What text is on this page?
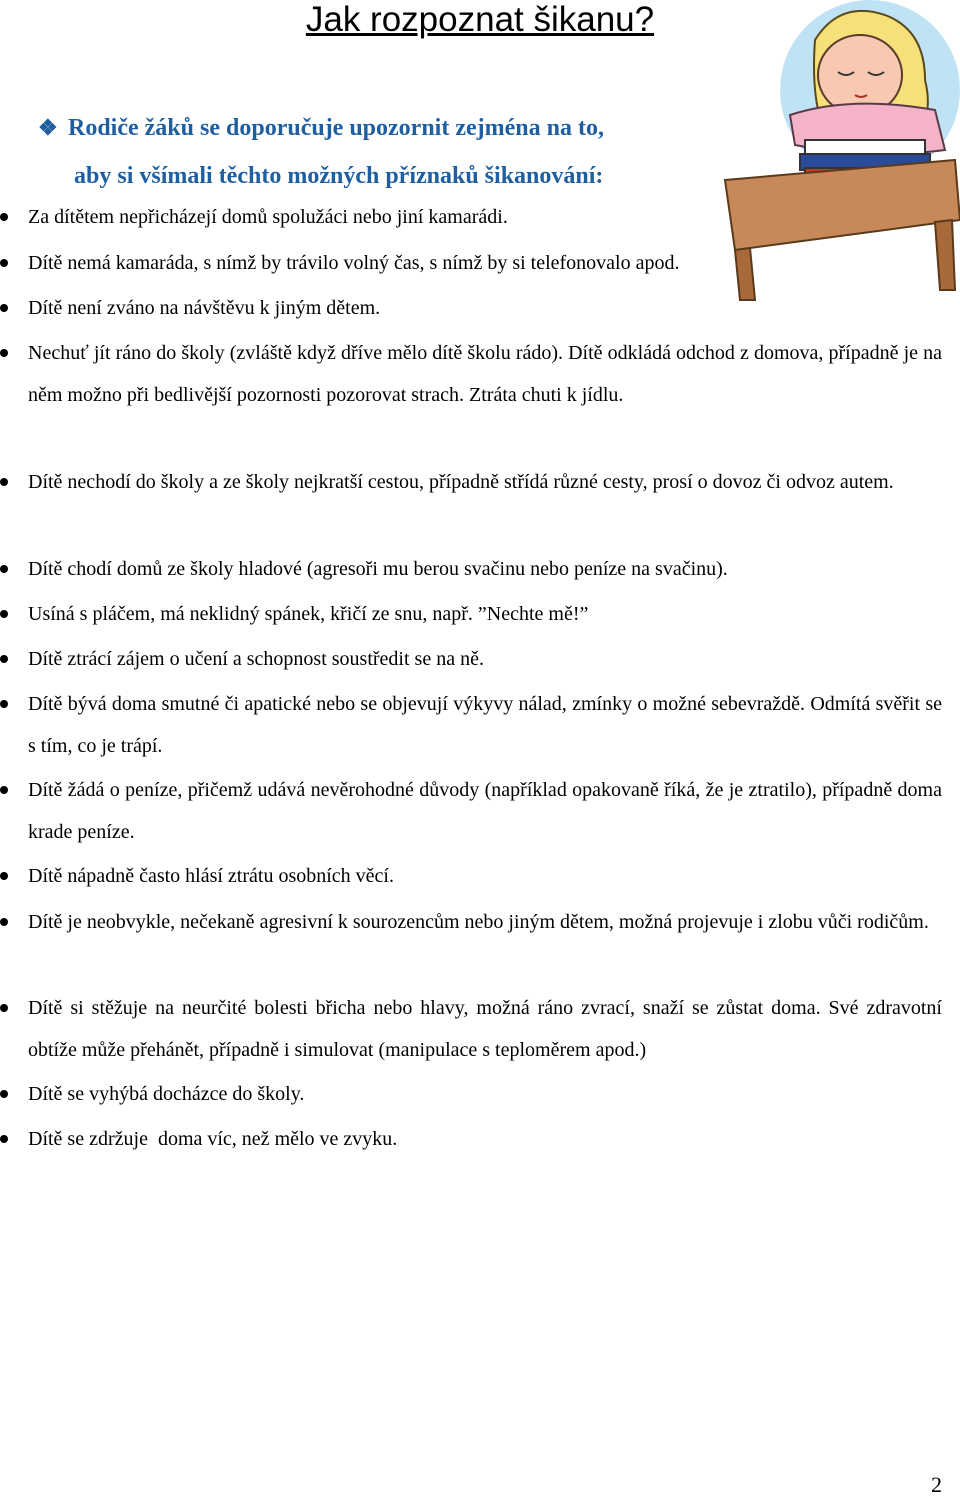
Jak rozpoznat šikanu?
❖ Rodiče žáků se doporučuje upozornit zejména na to,
aby si všímali těchto možných příznaků šikanování:
Za dítětem nepřicházejí domů spolužáci nebo jiní kamarádi.
Dítě nemá kamaráda, s nímž by trávilo volný čas, s nímž by si telefonovalo apod.
Dítě není zváno na návštěvu k jiným dětem.
Nechuť jít ráno do školy (zvláště když dříve mělo dítě školu rádo). Dítě odkládá odchod z domova, případně je na něm možno při bedlivější pozornosti pozorovat strach. Ztráta chuti k jídlu.
Dítě nechodí do školy a ze školy nejkratší cestou, případně střídá různé cesty, prosí o dovoz či odvoz autem.
Dítě chodí domů ze školy hladové (agresoři mu berou svačinu nebo peníze na svačinu).
Usíná s pláčem, má neklidný spánek, křičí ze snu, např. ”Nechte mě!”
Dítě ztrácí zájem o učení a schopnost soustředit se na ně.
Dítě bývá doma smutné či apatické nebo se objevují výkyvy nálad, zmínky o možné sebevraždě. Odmítá svěřit se s tím, co je trápí.
Dítě žádá o peníze, přičemž udává nevěrohodné důvody (například opakovaně říká, že je ztratilo), případně doma krade peníze.
Dítě nápadně často hlásí ztrátu osobních věcí.
Dítě je neobvykle, nečekaně agresivní k sourozencům nebo jiným dětem, možná projevuje i zlobu vůči rodičům.
Dítě si stěžuje na neurčité bolesti břicha nebo hlavy, možná ráno zvrací, snaží se zůstat doma. Své zdravotní obtíže může přehánět, případně i simulovat (manipulace s teploměrem apod.)
Dítě se vyhýbá docházce do školy.
Dítě se zdržuje  doma víc, než mělo ve zvyku.
2
